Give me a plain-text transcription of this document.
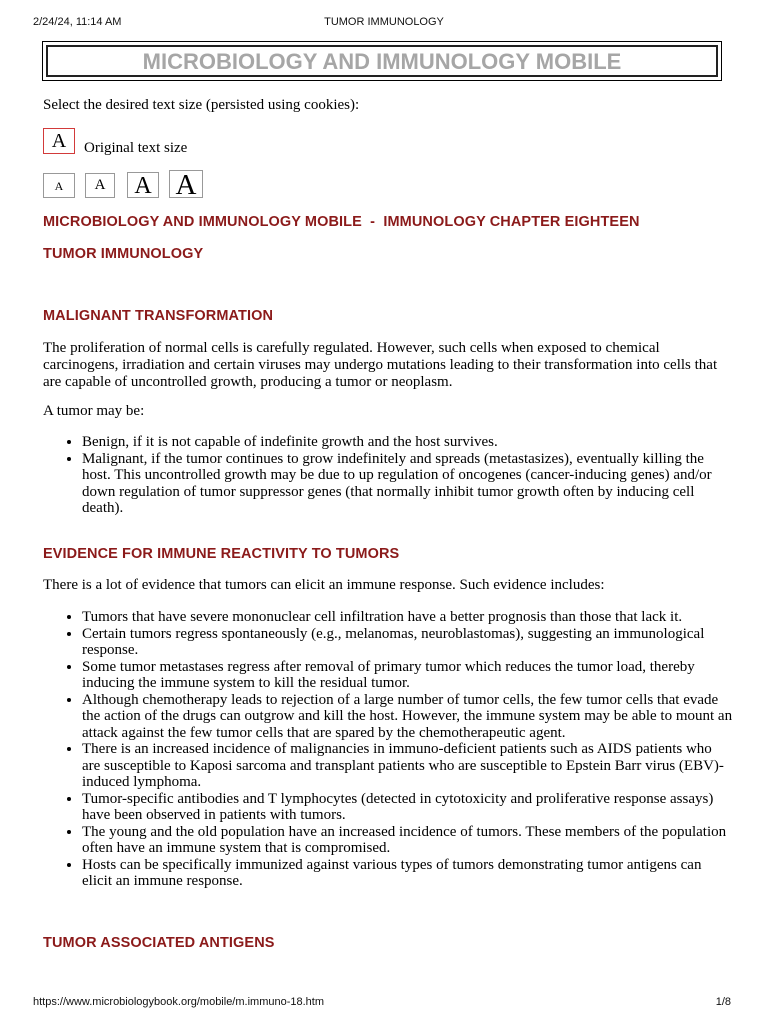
2/24/24, 11:14 AM	TUMOR IMMUNOLOGY
MICROBIOLOGY AND IMMUNOLOGY MOBILE
Select the desired text size (persisted using cookies):
A	Original text size
A	A	A A
MICROBIOLOGY AND IMMUNOLOGY MOBILE  -  IMMUNOLOGY CHAPTER EIGHTEEN
TUMOR IMMUNOLOGY
MALIGNANT TRANSFORMATION
The proliferation of normal cells is carefully regulated. However, such cells when exposed to chemical carcinogens, irradiation and certain viruses may undergo mutations leading to their transformation into cells that are capable of uncontrolled growth, producing a tumor or neoplasm.
A tumor may be:
• Benign, if it is not capable of indefinite growth and the host survives.
• Malignant, if the tumor continues to grow indefinitely and spreads (metastasizes), eventually killing the host. This uncontrolled growth may be due to up regulation of oncogenes (cancer-inducing genes) and/or down regulation of tumor suppressor genes (that normally inhibit tumor growth often by inducing cell death).
EVIDENCE FOR IMMUNE REACTIVITY TO TUMORS
There is a lot of evidence that tumors can elicit an immune response. Such evidence includes:
• Tumors that have severe mononuclear cell infiltration have a better prognosis than those that lack it.
• Certain tumors regress spontaneously (e.g., melanomas, neuroblastomas), suggesting an immunological response.
• Some tumor metastases regress after removal of primary tumor which reduces the tumor load, thereby inducing the immune system to kill the residual tumor.
• Although chemotherapy leads to rejection of a large number of tumor cells, the few tumor cells that evade the action of the drugs can outgrow and kill the host. However, the immune system may be able to mount an attack against the few tumor cells that are spared by the chemotherapeutic agent.
• There is an increased incidence of malignancies in immuno-deficient patients such as AIDS patients who are susceptible to Kaposi sarcoma and transplant patients who are susceptible to Epstein Barr virus (EBV)-induced lymphoma.
• Tumor-specific antibodies and T lymphocytes (detected in cytotoxicity and proliferative response assays) have been observed in patients with tumors.
• The young and the old population have an increased incidence of tumors. These members of the population often have an immune system that is compromised.
• Hosts can be specifically immunized against various types of tumors demonstrating tumor antigens can elicit an immune response.
TUMOR ASSOCIATED ANTIGENS
https://www.microbiologybook.org/mobile/m.immuno-18.htm	1/8
